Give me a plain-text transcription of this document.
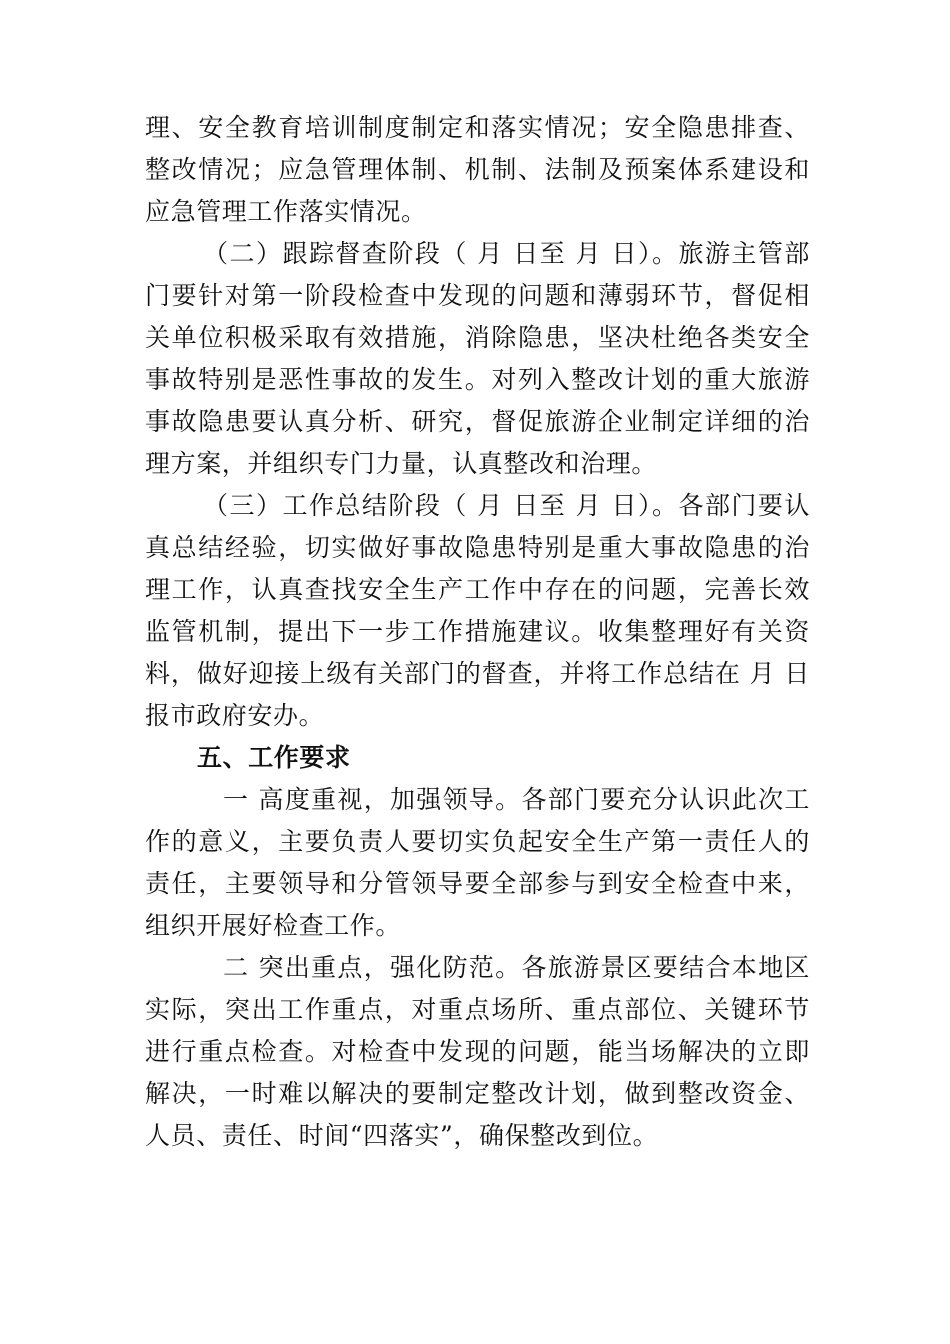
理、安全教育培训制度制定和落实情况；安全隐患排查、整改情况；应急管理体制、机制、法制及预案体系建设和应急管理工作落实情况。

（二）跟踪督查阶段（ 月 日至 月 日）。旅游主管部门要针对第一阶段检查中发现的问题和薄弱环节，督促相关单位积极采取有效措施，消除隐患，坚决杜绝各类安全事故特别是恶性事故的发生。对列入整改计划的重大旅游事故隐患要认真分析、研究，督促旅游企业制定详细的治理方案，并组织专门力量，认真整改和治理。

（三）工作总结阶段（ 月 日至 月 日）。各部门要认真总结经验，切实做好事故隐患特别是重大事故隐患的治理工作，认真查找安全生产工作中存在的问题，完善长效监管机制，提出下一步工作措施建议。收集整理好有关资料，做好迎接上级有关部门的督查，并将工作总结在 月 日报市政府安办。

五、工作要求

一 高度重视，加强领导。各部门要充分认识此次工作的意义，主要负责人要切实负起安全生产第一责任人的责任，主要领导和分管领导要全部参与到安全检查中来，组织开展好检查工作。

二 突出重点，强化防范。各旅游景区要结合本地区实际，突出工作重点，对重点场所、重点部位、关键环节进行重点检查。对检查中发现的问题，能当场解决的立即解决，一时难以解决的要制定整改计划，做到整改资金、人员、责任、时间“四落实”，确保整改到位。
